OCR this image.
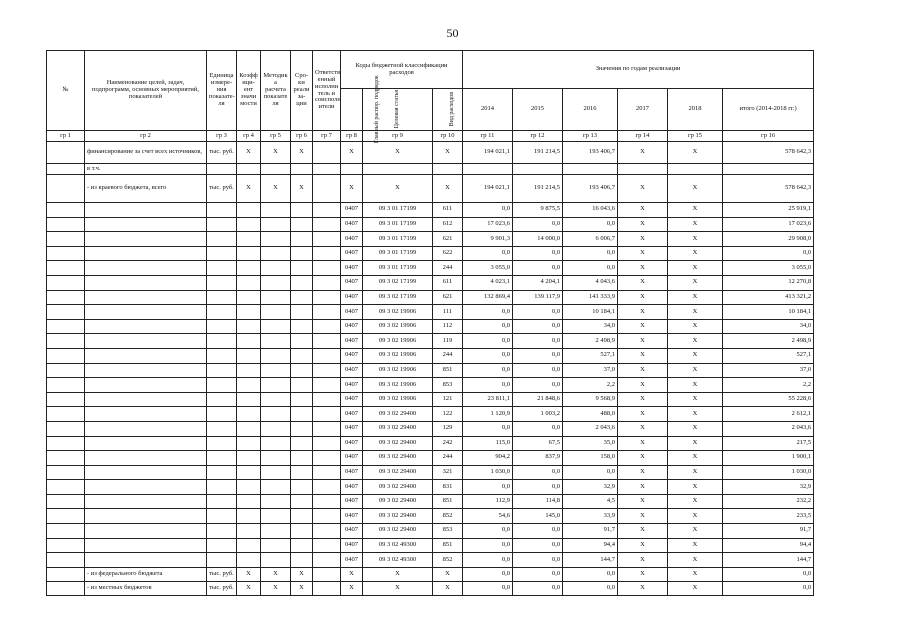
50
№	Наименование целей, задач, подпрограмм, основных мероприятий, показателей	Единица измере-ния показате-ля	Коэфф ици-ент значи мости	Методик а расчета показате ля	Сро-ки реали за-ции	Ответств енный исполни тель и соисполн ители	Коды бюджетной классификации расходов			Значения по годам реализации					
							Главный распор. подрядок	Целевая статья	Вид расходов	2014	2015	2016	2017	2018	итого (2014-2018 гг.)
гр 1	гр 2	гр 3	гр 4	гр 5	гр 6	гр 7	гр 8	гр 9	гр 10	гр 11	гр 12	гр 13	гр 14	гр 15	гр 16
	финансирование за счет всех источников,	тыс. руб.	Х	Х	Х		Х	Х	Х	194 021,1	191 214,5	193 406,7	Х	Х	578 642,3
	в т.ч.														
	- из краевого бюджета, всего	тыс. руб.	Х	Х	Х		Х	Х	Х	194 021,1	191 214,5	193 406,7	Х	Х	578 642,3
							0407	09 3 01 17199	611	0,0	9 875,5	16 043,6	Х	Х	25 919,1
							0407	09 3 01 17199	612	17 023,6	0,0	0,0	Х	Х	17 023,6
							0407	09 3 01 17199	621	9 901,3	14 000,0	6 006,7	Х	Х	29 908,0
							0407	09 3 01 17199	622	0,0	0,0	0,0	Х	Х	0,0
							0407	09 3 01 17199	244	3 055,0	0,0	0,0	Х	Х	3 055,0
							0407	09 3 02 17199	611	4 023,1	4 204,1	4 043,6	Х	Х	12 270,8
							0407	09 3 02 17199	621	132 869,4	139 117,9	141 333,9	Х	Х	413 321,2
							0407	09 3 02 19906	111	0,0	0,0	10 184,1	Х	Х	10 184,1
							0407	09 3 02 19906	112	0,0	0,0	34,0	Х	Х	34,0
							0407	09 3 02 19906	119	0,0	0,0	2 498,9	Х	Х	2 498,9
							0407	09 3 02 19906	244	0,0	0,0	527,1	Х	Х	527,1
							0407	09 3 02 19906	851	0,0	0,0	37,0	Х	Х	37,0
							0407	09 3 02 19906	853	0,0	0,0	2,2	Х	Х	2,2
							0407	09 3 02 19906	121	23 811,1	21 848,6	9 568,9	Х	Х	55 228,6
							0407	09 3 02 29400	122	1 120,9	1 003,2	488,0	Х	Х	2 612,1
							0407	09 3 02 29400	129	0,0	0,0	2 043,6	Х	Х	2 043,6
							0407	09 3 02 29400	242	115,0	67,5	35,0	Х	Х	217,5
							0407	09 3 02 29400	244	904,2	837,9	158,0	Х	Х	1 900,1
							0407	09 3 02 29400	321	1 030,0	0,0	0,0	Х	Х	1 030,0
							0407	09 3 02 29400	831	0,0	0,0	32,9	Х	Х	32,9
							0407	09 3 02 29400	851	112,9	114,8	4,5	Х	Х	232,2
							0407	09 3 02 29400	852	54,6	145,0	33,9	Х	Х	233,5
							0407	09 3 02 29400	853	0,0	0,0	91,7	Х	Х	91,7
							0407	09 3 02 49300	851	0,0	0,0	94,4	Х	Х	94,4
							0407	09 3 02 49300	852	0,0	0,0	144,7	Х	Х	144,7
	- из федерального бюджета	тыс. руб.	Х	Х	Х		Х	Х	Х	0,0	0,0	0,0	Х	Х	0,0
	- из местных бюджетов	тыс. руб.	Х	Х	Х		Х	Х	Х	0,0	0,0	0,0	Х	Х	0,0
